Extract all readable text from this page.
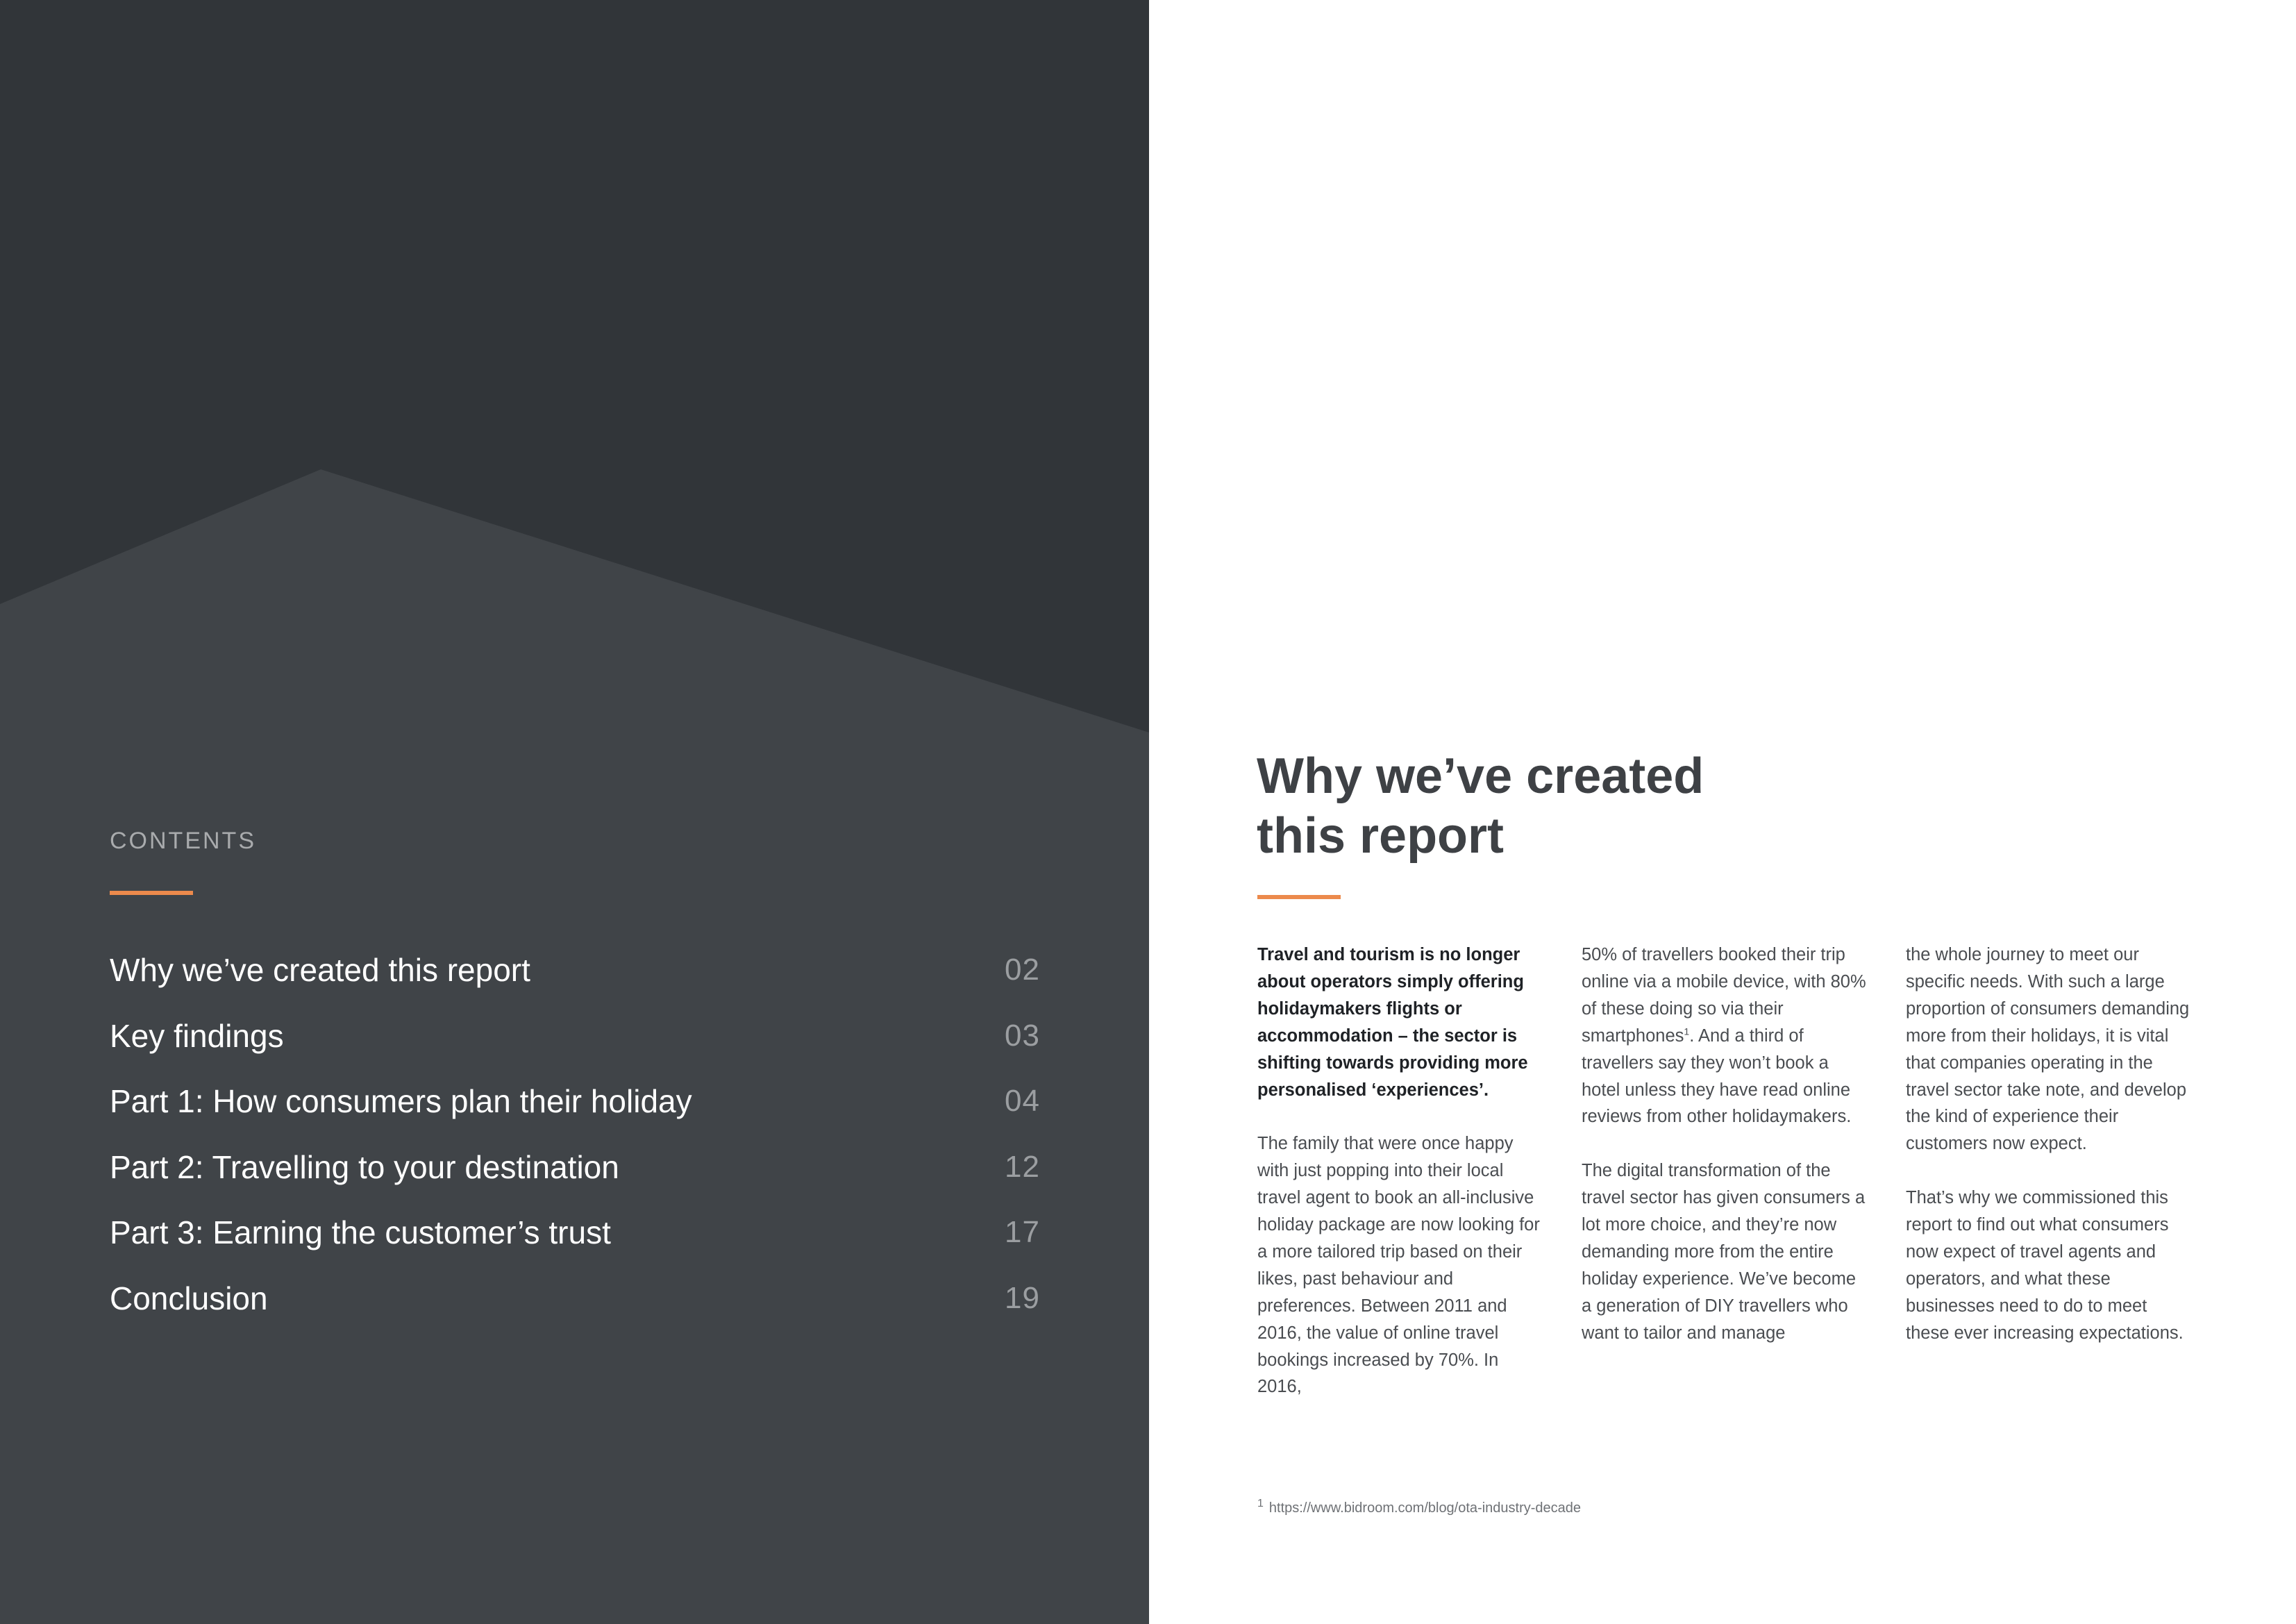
CONTENTS
Why we’ve created this report	02
Key findings	03
Part 1: How consumers plan their holiday	04
Part 2: Travelling to your destination	12
Part 3: Earning the customer’s trust	17
Conclusion	19
Why we’ve created
this report

Travel and tourism is no longer about operators simply offering holidaymakers flights or accommodation – the sector is shifting towards providing more personalised ‘experiences’.

The family that were once happy with just popping into their local travel agent to book an all-inclusive holiday package are now looking for a more tailored trip based on their likes, past behaviour and preferences. Between 2011 and 2016, the value of online travel bookings increased by 70%. In 2016,

50% of travellers booked their trip online via a mobile device, with 80% of these doing so via their smartphones$^1$. And a third of travellers say they won’t book a hotel unless they have read online reviews from other holidaymakers.

The digital transformation of the travel sector has given consumers a lot more choice, and they’re now demanding more from the entire holiday experience. We’ve become a generation of DIY travellers who want to tailor and manage

the whole journey to meet our specific needs. With such a large proportion of consumers demanding more from their holidays, it is vital that companies operating in the travel sector take note, and develop the kind of experience their customers now expect.

That’s why we commissioned this report to find out what consumers now expect of travel agents and operators, and what these businesses need to do to meet these ever increasing expectations.

$^1$ https://www.bidroom.com/blog/ota-industry-decade
